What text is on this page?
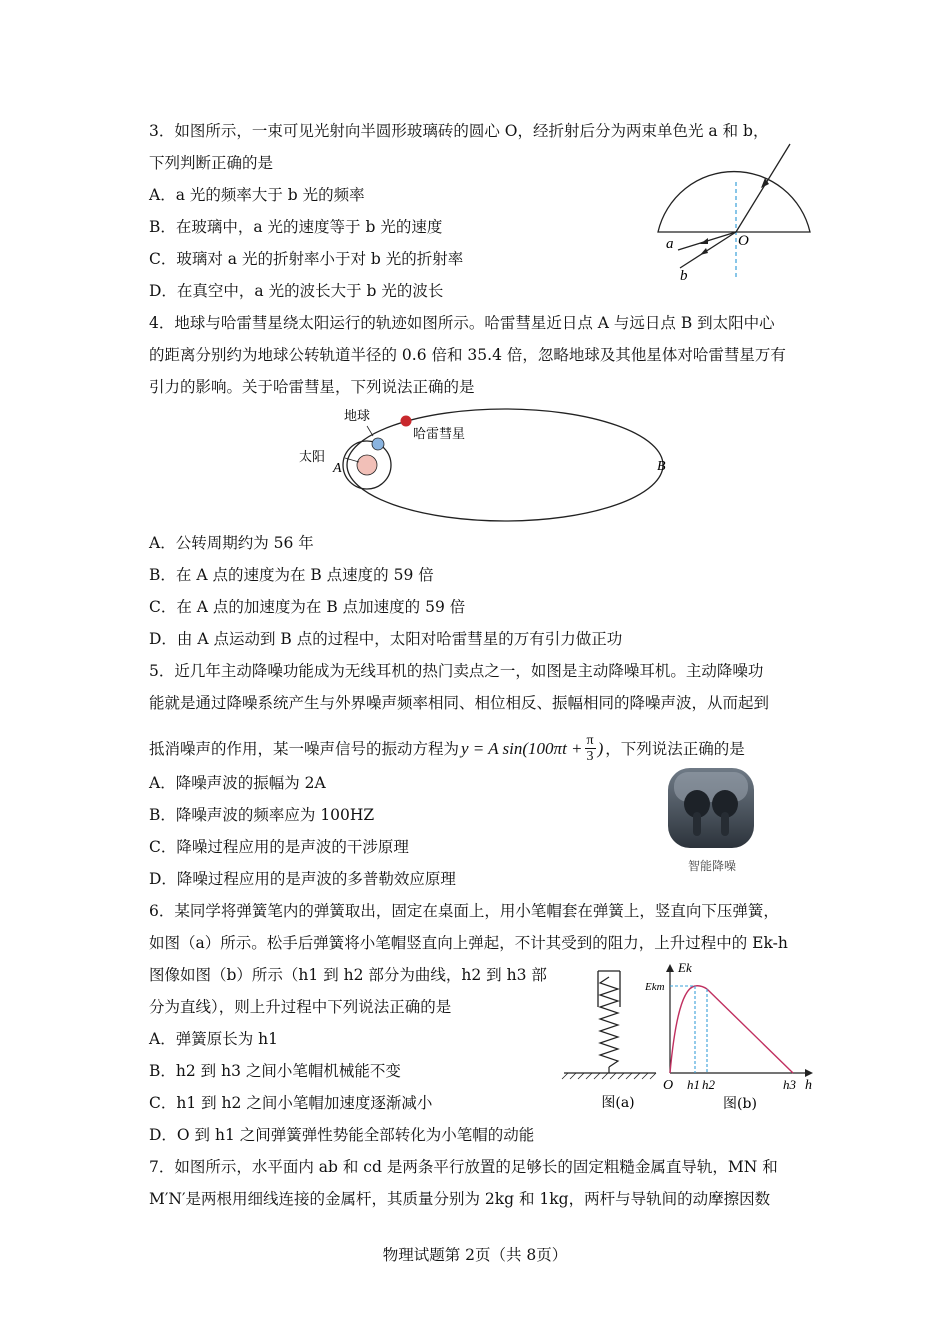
3．如图所示，一束可见光射向半圆形玻璃砖的圆心 O，经折射后分为两束单色光 a 和 b，
下列判断正确的是
A．a 光的频率大于 b 光的频率
B．在玻璃中，a 光的速度等于 b 光的速度
C．玻璃对 a 光的折射率小于对 b 光的折射率
D．在真空中，a 光的波长大于 b 光的波长
O
a
b
4．地球与哈雷彗星绕太阳运行的轨迹如图所示。哈雷彗星近日点 A 与远日点 B 到太阳中心
的距离分别约为地球公转轨道半径的 0.6 倍和 35.4 倍，忽略地球及其他星体对哈雷彗星万有
引力的影响。关于哈雷彗星，下列说法正确的是
地球
哈雷彗星
太阳
A	B
A．公转周期约为 56 年
B．在 A 点的速度为在 B 点速度的 59 倍
C．在 A 点的加速度为在 B 点加速度的 59 倍
D．由 A 点运动到 B 点的过程中，太阳对哈雷彗星的万有引力做正功
5．近几年主动降噪功能成为无线耳机的热门卖点之一，如图是主动降噪耳机。主动降噪功
能就是通过降噪系统产生与外界噪声频率相同、相位相反、振幅相同的降噪声波，从而起到
抵消噪声的作用，某一噪声信号的振动方程为 y = A $\sin(100\pi t + \frac{\pi}{3}$ ) ，下列说法正确的是
A．降噪声波的振幅为 2A
B．降噪声波的频率应为 100HZ
C．降噪过程应用的是声波的干涉原理
D．降噪过程应用的是声波的多普勒效应原理
智能降噪
6．某同学将弹簧笔内的弹簧取出，固定在桌面上，用小笔帽套在弹簧上，竖直向下压弹簧，
如图（a）所示。松手后弹簧将小笔帽竖直向上弹起，不计其受到的阻力，上升过程中的 Ek-h
图像如图（b）所示（h1 到 h2 部分为曲线，h2 到 h3 部
分为直线），则上升过程中下列说法正确的是
A．弹簧原长为 h1
B．h2 到 h3 之间小笔帽机械能不变
C．h1 到 h2 之间小笔帽加速度逐渐减小
D．O 到 h1 之间弹簧弹性势能全部转化为小笔帽的动能
图(a)
Ek
Ekm
O h1 h2	h3 h
图(b)
7．如图所示，水平面内 ab 和 cd 是两条平行放置的足够长的固定粗糙金属直导轨，MN 和
M′N′是两根用细线连接的金属杆，其质量分别为 2kg 和 1kg，两杆与导轨间的动摩擦因数
物理试题第 2页（共 8页）
